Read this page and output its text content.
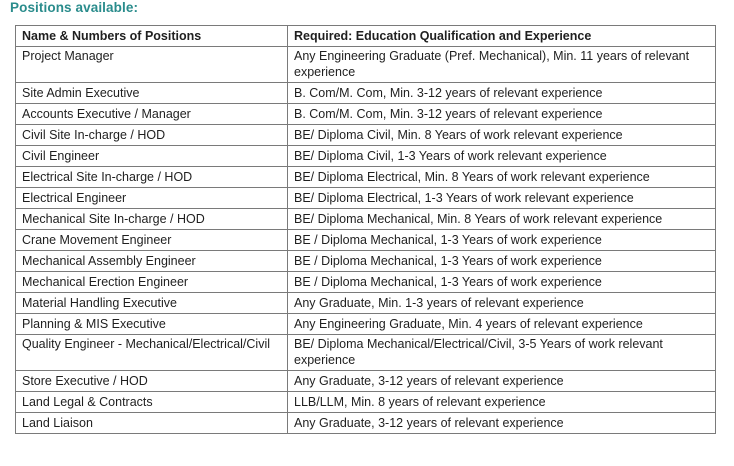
Positions available:
Name & Numbers of Positions	Required: Education Qualification and Experience
Project Manager	Any Engineering Graduate (Pref. Mechanical), Min. 11 years of relevant experience
Site Admin Executive	B. Com/M. Com, Min. 3-12 years of relevant experience
Accounts Executive / Manager	B. Com/M. Com, Min. 3-12 years of relevant experience
Civil Site In-charge / HOD	BE/ Diploma Civil, Min. 8 Years of work relevant experience
Civil Engineer	BE/ Diploma Civil, 1-3 Years of work relevant experience
Electrical Site In-charge / HOD	BE/ Diploma Electrical, Min. 8 Years of work relevant experience
Electrical Engineer	BE/ Diploma Electrical, 1-3 Years of work relevant experience
Mechanical Site In-charge / HOD	BE/ Diploma Mechanical, Min. 8 Years of work relevant experience
Crane Movement Engineer	BE / Diploma Mechanical, 1-3 Years of work experience
Mechanical Assembly Engineer	BE / Diploma Mechanical, 1-3 Years of work experience
Mechanical Erection Engineer	BE / Diploma Mechanical, 1-3 Years of work experience
Material Handling Executive	Any Graduate, Min. 1-3 years of relevant experience
Planning & MIS Executive	Any Engineering Graduate, Min. 4 years of relevant experience
Quality Engineer - Mechanical/Electrical/Civil	BE/ Diploma Mechanical/Electrical/Civil, 3-5 Years of work relevant experience
Store Executive / HOD	Any Graduate, 3-12 years of relevant experience
Land Legal & Contracts	LLB/LLM, Min. 8 years of relevant experience
Land Liaison	Any Graduate, 3-12 years of relevant experience
